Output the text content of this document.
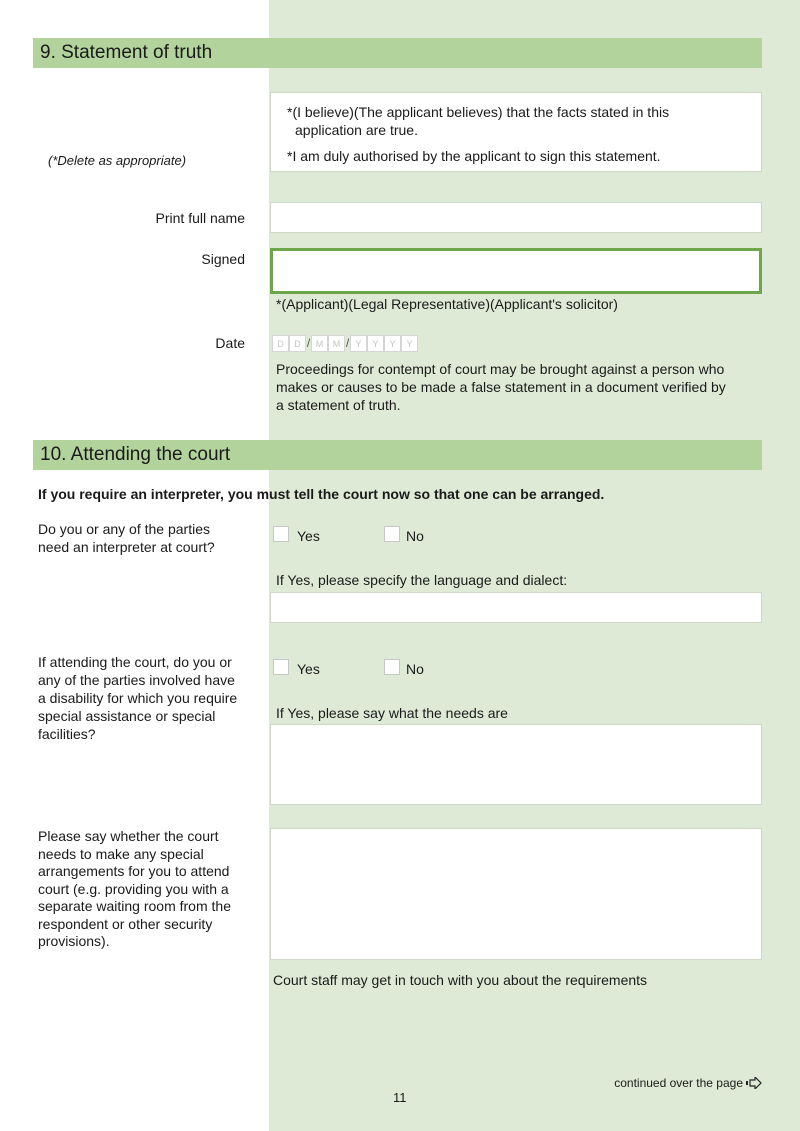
9. Statement of truth
(*Delete as appropriate)

*(I believe)(The applicant believes) that the facts stated in this
application are true.

*I am duly authorised by the applicant to sign this statement.

Print full name
Signed
*(Applicant)(Legal Representative)(Applicant's solicitor)
Date	D	D / M	M / Y	Y	Y	Y
Proceedings for contempt of court may be brought against a person who
makes or causes to be made a false statement in a document verified by
a statement of truth.
10. Attending the court
If you require an interpreter, you must tell the court now so that one can be arranged.
Do you or any of the parties
need an interpreter at court?
Yes	No
If Yes, please specify the language and dialect:
If attending the court, do you or
any of the parties involved have
a disability for which you require
special assistance or special
facilities?
Yes	No
If Yes, please say what the needs are
Please say whether the court
needs to make any special
arrangements for you to attend
court (e.g. providing you with a
separate waiting room from the
respondent or other security
provisions).
Court staff may get in touch with you about the requirements
continued over the page
11
